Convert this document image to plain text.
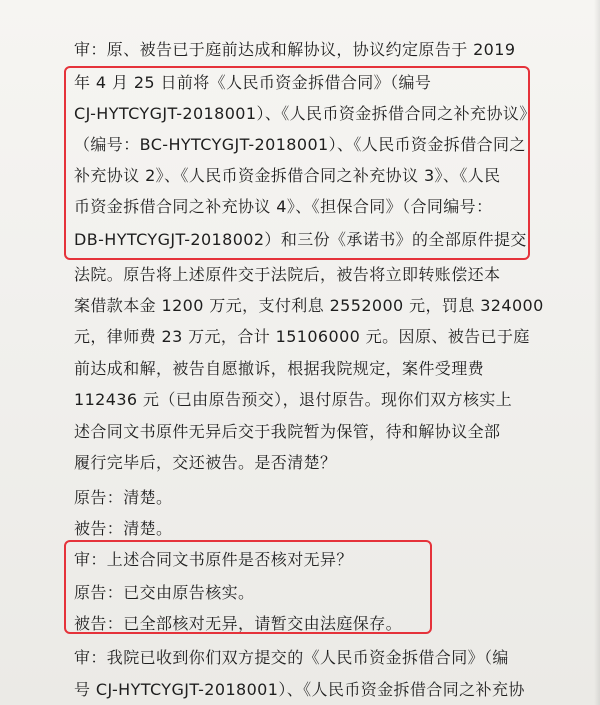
审：原、被告已于庭前达成和解协议，协议约定原告于 2019
年 4 月 25 日前将《人民币资金拆借合同》（编号
CJ-HYTCYGJT-2018001）、《人民币资金拆借合同之补充协议》
（编号：BC-HYTCYGJT-2018001）、《人民币资金拆借合同之
补充协议 2》、《人民币资金拆借合同之补充协议 3》、《人民
币资金拆借合同之补充协议 4》、《担保合同》（合同编号：
DB-HYTCYGJT-2018002）和三份《承诺书》的全部原件提交
法院。原告将上述原件交于法院后，被告将立即转账偿还本
案借款本金 1200 万元，支付利息 2552000 元，罚息 324000
元，律师费 23 万元，合计 15106000 元。因原、被告已于庭
前达成和解，被告自愿撤诉，根据我院规定，案件受理费
112436 元（已由原告预交），退付原告。现你们双方核实上
述合同文书原件无异后交于我院暂为保管，待和解协议全部
履行完毕后，交还被告。是否清楚？
原告：清楚。
被告：清楚。
审：上述合同文书原件是否核对无异？
原告：已交由原告核实。
被告：已全部核对无异，请暂交由法庭保存。
审：我院已收到你们双方提交的《人民币资金拆借合同》（编
号 CJ-HYTCYGJT-2018001）、《人民币资金拆借合同之补充协
